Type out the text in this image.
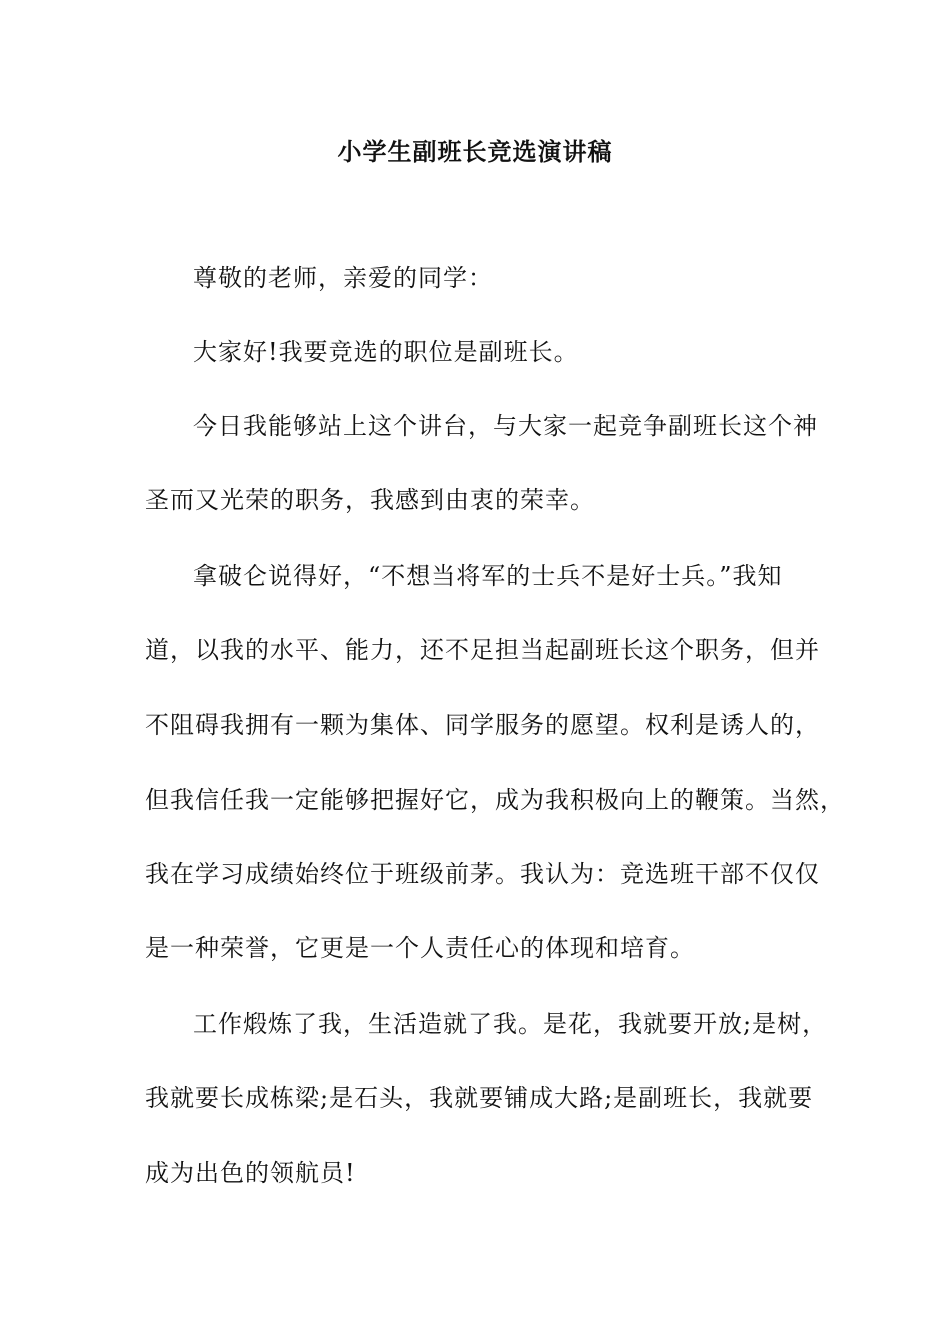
小学生副班长竞选演讲稿
尊敬的老师，亲爱的同学：
大家好!我要竞选的职位是副班长。
今日我能够站上这个讲台，与大家一起竞争副班长这个神
圣而又光荣的职务，我感到由衷的荣幸。
拿破仑说得好，“不想当将军的士兵不是好士兵。”我知
道，以我的水平、能力，还不足担当起副班长这个职务，但并
不阻碍我拥有一颗为集体、同学服务的愿望。权利是诱人的，
但我信任我一定能够把握好它，成为我积极向上的鞭策。当然，
我在学习成绩始终位于班级前茅。我认为：竞选班干部不仅仅
是一种荣誉，它更是一个人责任心的体现和培育。
工作煅炼了我，生活造就了我。是花，我就要开放;是树，
我就要长成栋梁;是石头，我就要铺成大路;是副班长，我就要
成为出色的领航员!
